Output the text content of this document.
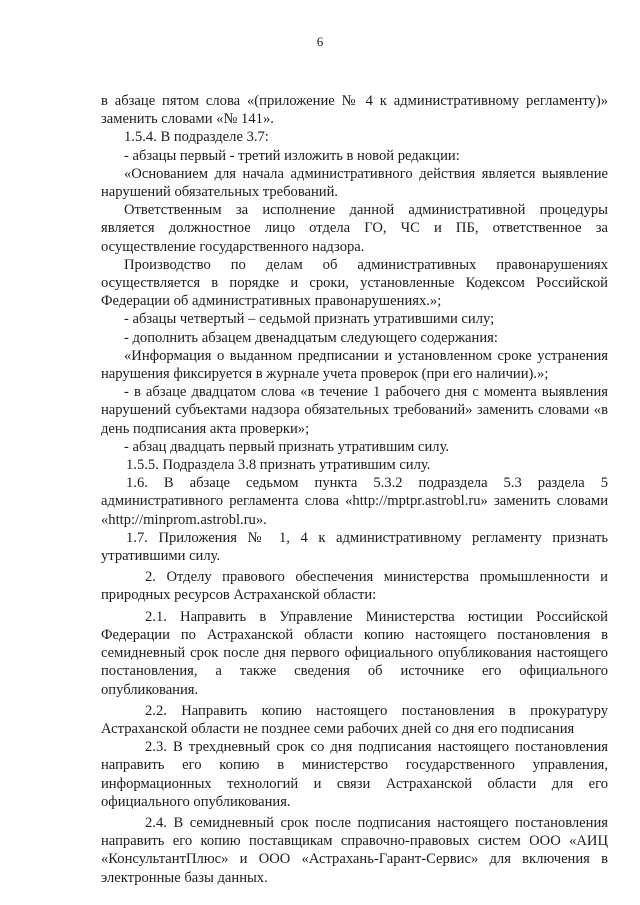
6

в абзаце пятом слова «(приложение № 4 к административному регламенту)» заменить словами «№ 141».

1.5.4. В подразделе 3.7:

- абзацы первый - третий изложить в новой редакции:

«Основанием для начала административного действия является выявление нарушений обязательных требований.

Ответственным за исполнение данной административной процедуры является должностное лицо отдела ГО, ЧС и ПБ, ответственное за осуществление государственного надзора.

Производство по делам об административных правонарушениях осуществляется в порядке и сроки, установленные Кодексом Российской Федерации об административных правонарушениях.»;

- абзацы четвертый – седьмой признать утратившими силу;

- дополнить абзацем двенадцатым следующего содержания:

«Информация о выданном предписании и установленном сроке устранения нарушения фиксируется в журнале учета проверок (при его наличии).»;

- в абзаце двадцатом слова «в течение 1 рабочего дня с момента выявления нарушений субъектами надзора обязательных требований» заменить словами «в день подписания акта проверки»;

- абзац двадцать первый признать утратившим силу.

1.5.5. Подраздела 3.8 признать утратившим силу.

1.6. В абзаце седьмом пункта 5.3.2 подраздела 5.3 раздела 5 административного регламента слова «http://mptpr.astrobl.ru» заменить словами «http://minprom.astrobl.ru».

1.7. Приложения № 1, 4 к административному регламенту признать утратившими силу.

2. Отделу правового обеспечения министерства промышленности и природных ресурсов Астраханской области:

2.1. Направить в Управление Министерства юстиции Российской Федерации по Астраханской области копию настоящего постановления в семидневный срок после дня первого официального опубликования настоящего постановления, а также сведения об источнике его официального опубликования.

2.2. Направить копию настоящего постановления в прокуратуру Астраханской области не позднее семи рабочих дней со дня его подписания

2.3. В трехдневный срок со дня подписания настоящего постановления направить его копию в министерство государственного управления, информационных технологий и связи Астраханской области для его официального опубликования.

2.4. В семидневный срок после подписания настоящего постановления направить его копию поставщикам справочно-правовых систем ООО «АИЦ «КонсультантПлюс» и ООО «Астрахань-Гарант-Сервис» для включения в электронные базы данных.
